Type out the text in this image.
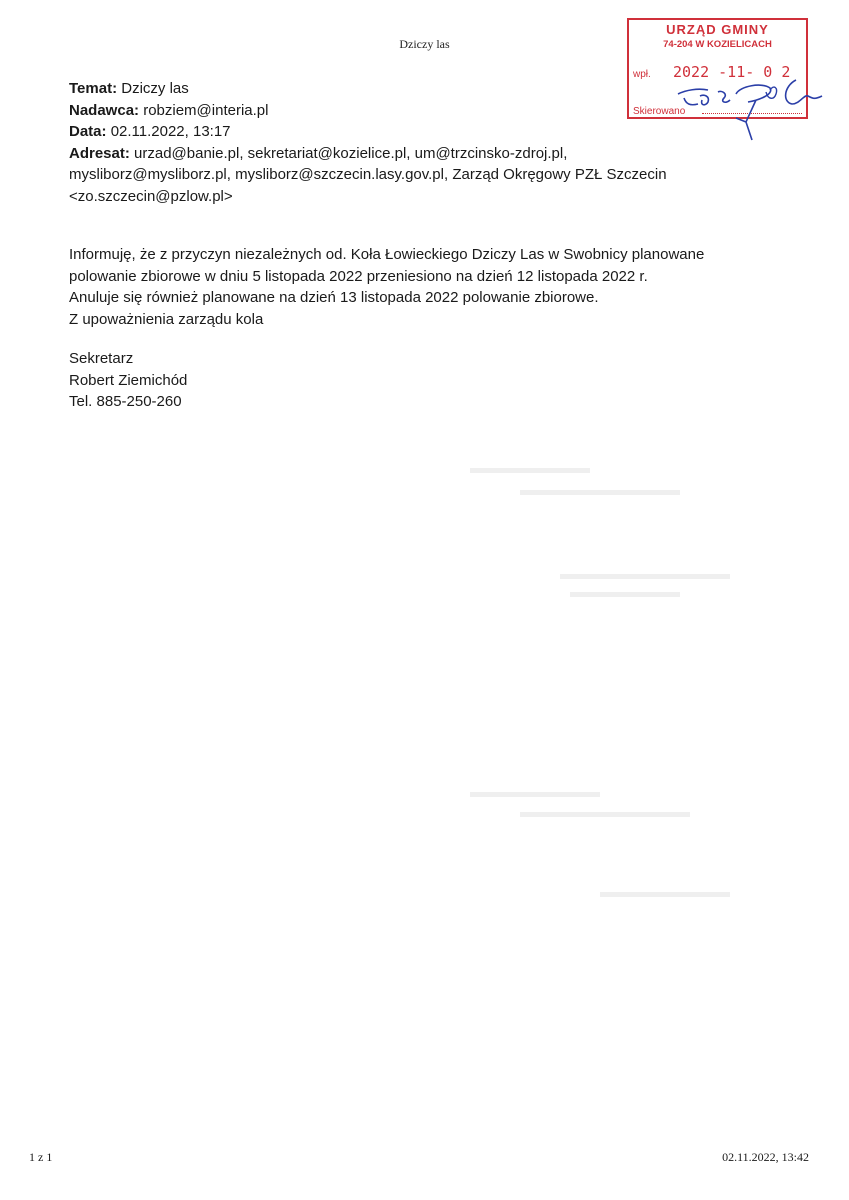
Dziczy las
Temat: Dziczy las
Nadawca: robziem@interia.pl
Data: 02.11.2022, 13:17
Adresat: urzad@banie.pl, sekretariat@kozielice.pl, um@trzcinsko-zdroj.pl,
mysliborz@mysliborz.pl, mysliborz@szczecin.lasy.gov.pl, Zarząd Okręgowy PZŁ Szczecin
<zo.szczecin@pzlow.pl>
Informuję, że z przyczyn niezależnych od. Koła Łowieckiego Dziczy Las w Swobnicy planowane
polowanie zbiorowe w dniu 5 listopada 2022 przeniesiono na dzień 12 listopada 2022 r.
Anuluje się również planowane na dzień 13 listopada 2022 polowanie zbiorowe.
Z upoważnienia zarządu kola
Sekretarz
Robert Ziemichód
Tel. 885-250-260
URZĄD GMINY
74-204 W KOZIELICACH
wpł. 2022 -11- 0 2
Skierowano
1 z 1	02.11.2022, 13:42
